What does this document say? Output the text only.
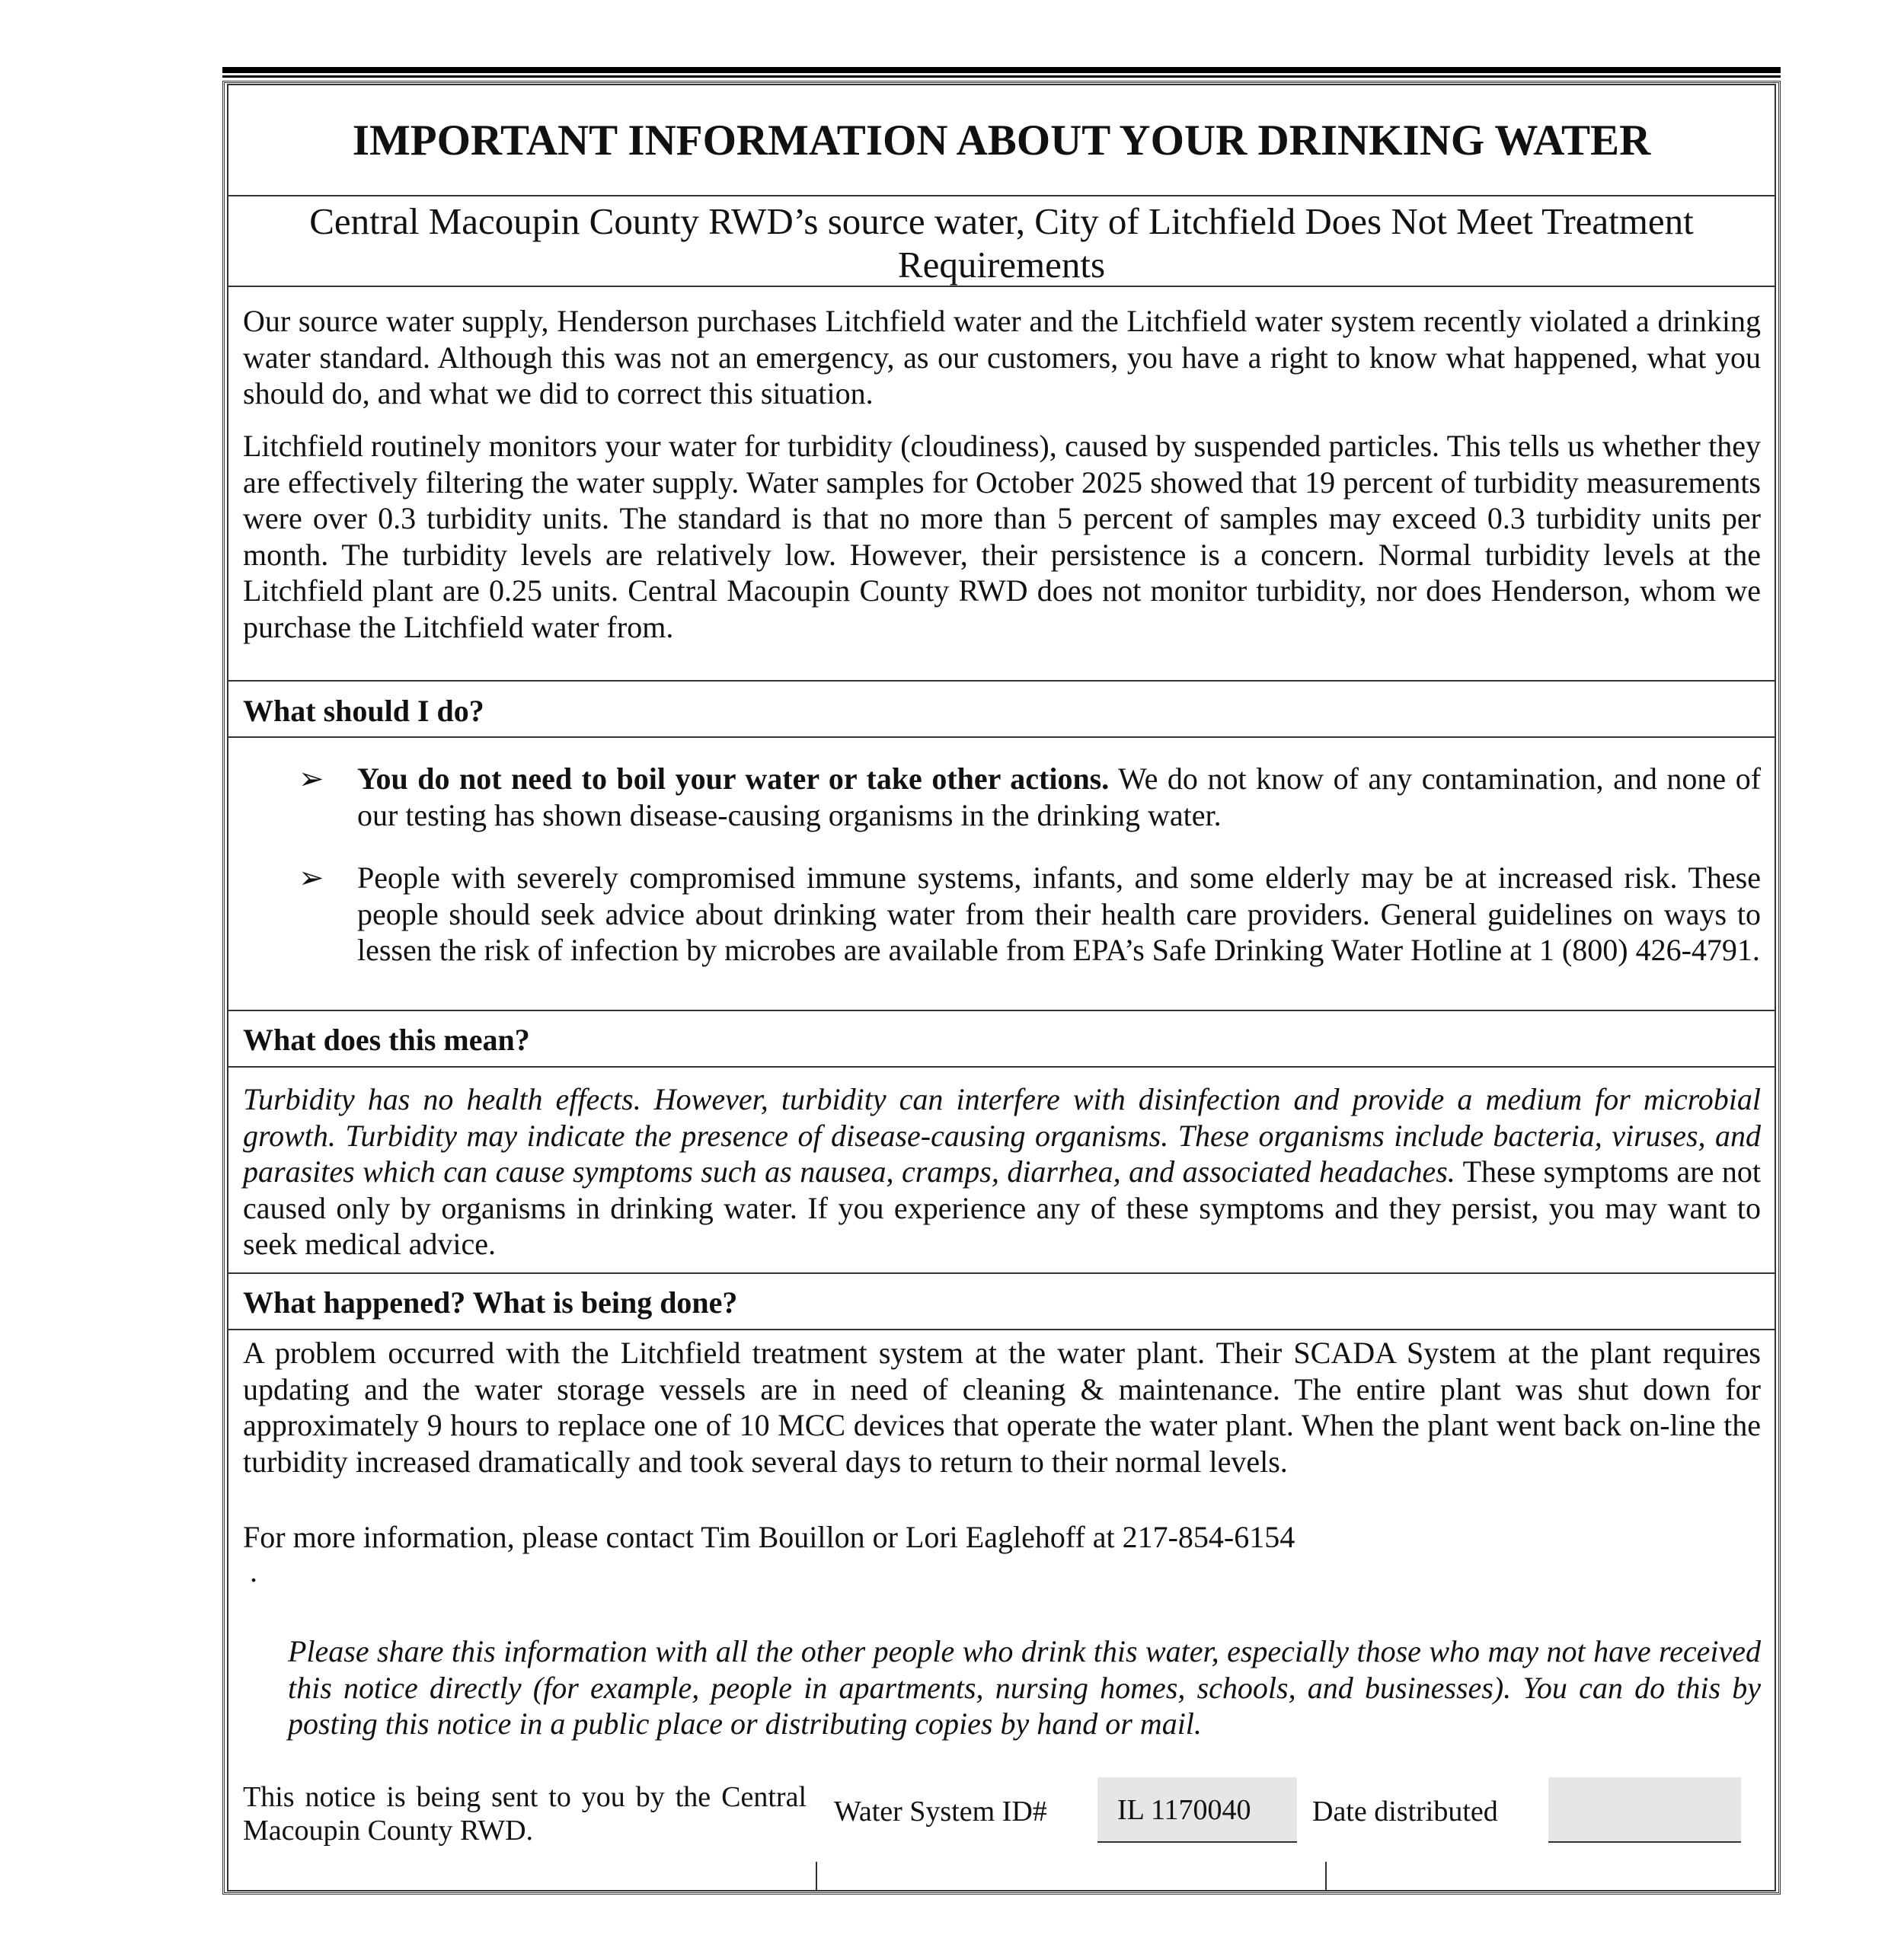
IMPORTANT INFORMATION ABOUT YOUR DRINKING WATER

Central Macoupin County RWD’s source water, City of Litchfield Does Not Meet Treatment Requirements

Our source water supply, Henderson purchases Litchfield water and the Litchfield water system recently violated a drinking water standard. Although this was not an emergency, as our customers, you have a right to know what happened, what you should do, and what we did to correct this situation.

Litchfield routinely monitors your water for turbidity (cloudiness), caused by suspended particles. This tells us whether they are effectively filtering the water supply. Water samples for October 2025 showed that 19 percent of turbidity measurements were over 0.3 turbidity units. The standard is that no more than 5 percent of samples may exceed 0.3 turbidity units per month. The turbidity levels are relatively low. However, their persistence is a concern. Normal turbidity levels at the Litchfield plant are 0.25 units. Central Macoupin County RWD does not monitor turbidity, nor does Henderson, whom we purchase the Litchfield water from.

What should I do?

➢ You do not need to boil your water or take other actions. We do not know of any contamination, and none of our testing has shown disease-causing organisms in the drinking water.

➢ People with severely compromised immune systems, infants, and some elderly may be at increased risk. These people should seek advice about drinking water from their health care providers. General guidelines on ways to lessen the risk of infection by microbes are available from EPA’s Safe Drinking Water Hotline at 1 (800) 426-4791.

What does this mean?

Turbidity has no health effects. However, turbidity can interfere with disinfection and provide a medium for microbial growth. Turbidity may indicate the presence of disease-causing organisms. These organisms include bacteria, viruses, and parasites which can cause symptoms such as nausea, cramps, diarrhea, and associated headaches. These symptoms are not caused only by organisms in drinking water. If you experience any of these symptoms and they persist, you may want to seek medical advice.

What happened? What is being done?

A problem occurred with the Litchfield treatment system at the water plant. Their SCADA System at the plant requires updating and the water storage vessels are in need of cleaning & maintenance. The entire plant was shut down for approximately 9 hours to replace one of 10 MCC devices that operate the water plant. When the plant went back on-line the turbidity increased dramatically and took several days to return to their normal levels.

For more information, please contact Tim Bouillon or Lori Eaglehoff at 217-854-6154

.

Please share this information with all the other people who drink this water, especially those who may not have received this notice directly (for example, people in apartments, nursing homes, schools, and businesses). You can do this by posting this notice in a public place or distributing copies by hand or mail.

This notice is being sent to you by the Central Macoupin County RWD.

Water System ID# IL 1170040 Date distributed
